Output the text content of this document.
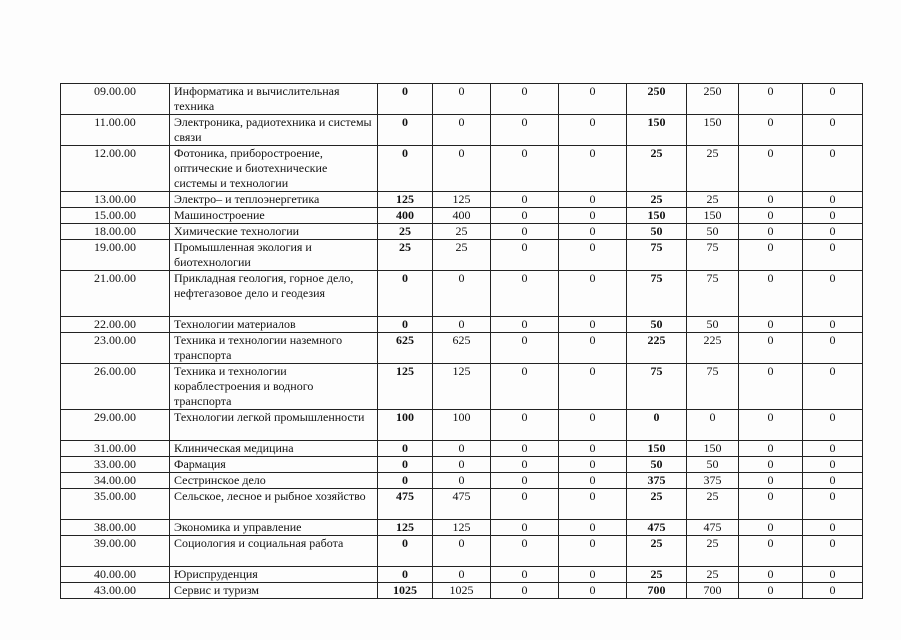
09.00.00	Информатика и вычислительная техника	0	0	0	0	250	250	0	0
11.00.00	Электроника, радиотехника и системы связи	0	0	0	0	150	150	0	0
12.00.00	Фотоника, приборостроение, оптические и биотехнические системы и технологии	0	0	0	0	25	25	0	0
13.00.00	Электро– и теплоэнергетика	125	125	0	0	25	25	0	0
15.00.00	Машиностроение	400	400	0	0	150	150	0	0
18.00.00	Химические технологии	25	25	0	0	50	50	0	0
19.00.00	Промышленная экология и биотехнологии	25	25	0	0	75	75	0	0
21.00.00	Прикладная геология, горное дело, нефтегазовое дело и геодезия	0	0	0	0	75	75	0	0
22.00.00	Технологии материалов	0	0	0	0	50	50	0	0
23.00.00	Техника и технологии наземного транспорта	625	625	0	0	225	225	0	0
26.00.00	Техника и технологии кораблестроения и водного транспорта	125	125	0	0	75	75	0	0
29.00.00	Технологии легкой промышленности	100	100	0	0	0	0	0	0
31.00.00	Клиническая медицина	0	0	0	0	150	150	0	0
33.00.00	Фармация	0	0	0	0	50	50	0	0
34.00.00	Сестринское дело	0	0	0	0	375	375	0	0
35.00.00	Сельское, лесное и рыбное хозяйство	475	475	0	0	25	25	0	0
38.00.00	Экономика и управление	125	125	0	0	475	475	0	0
39.00.00	Социология и социальная работа	0	0	0	0	25	25	0	0
40.00.00	Юриспруденция	0	0	0	0	25	25	0	0
43.00.00	Сервис и туризм	1025	1025	0	0	700	700	0	0
